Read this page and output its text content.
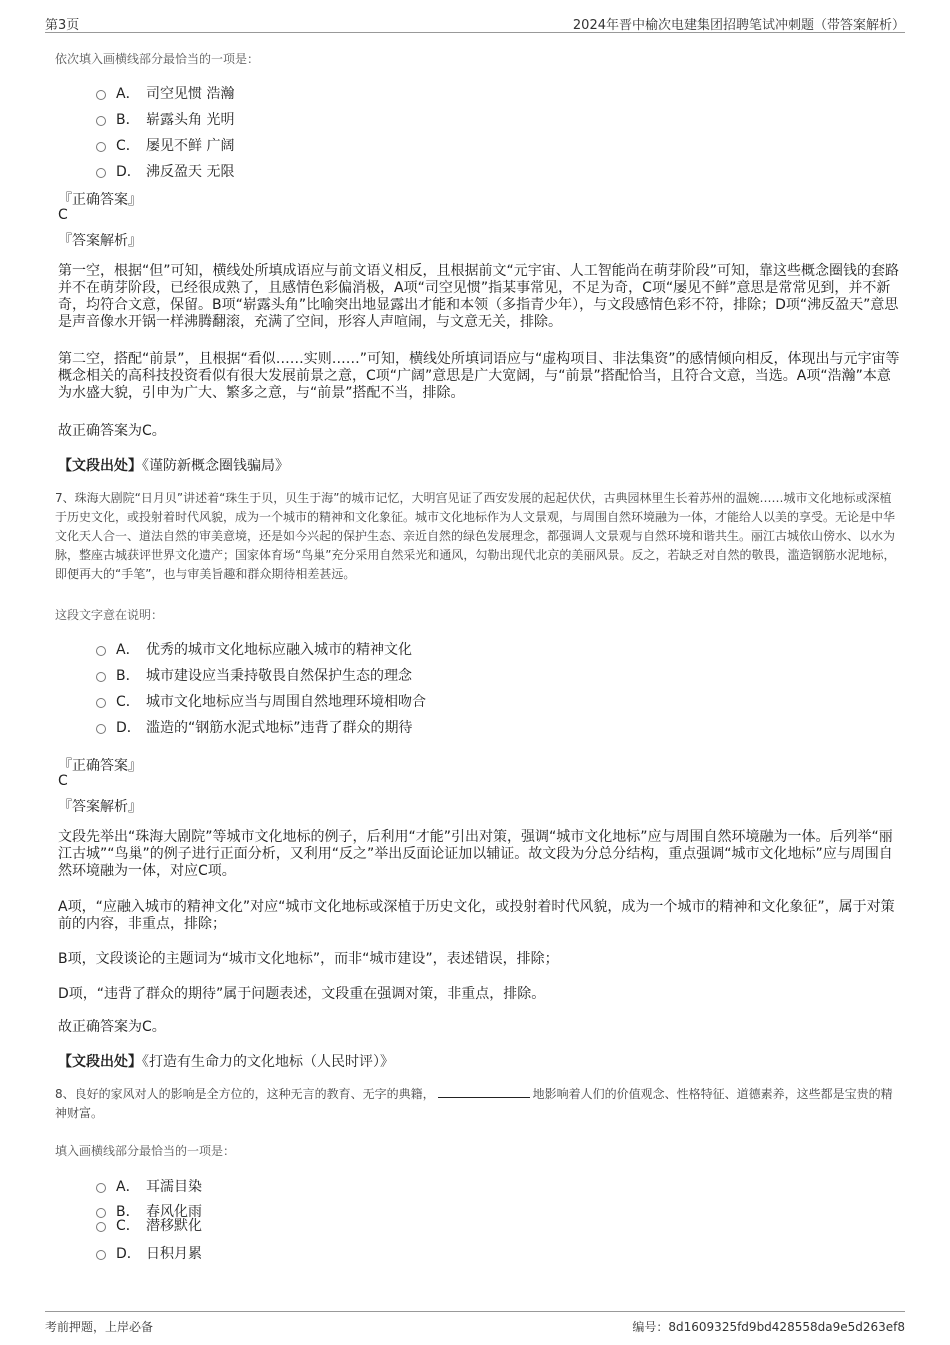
第3页	2024年晋中榆次电建集团招聘笔试冲刺题（带答案解析）
依次填入画横线部分最恰当的一项是：
A． 司空见惯 浩瀚
B． 崭露头角 光明
C． 屡见不鲜 广阔
D． 沸反盈天 无限
『正确答案』
C
『答案解析』
第一空，根据“但”可知，横线处所填成语应与前文语义相反，且根据前文“元宇宙、人工智能尚在萌芽阶段”可知，靠这些概念圈钱的套路并不在萌芽阶段，已经很成熟了，且感情色彩偏消极，A项“司空见惯”指某事常见，不足为奇，C项“屡见不鲜”意思是常常见到，并不新奇，均符合文意，保留。B项“崭露头角”比喻突出地显露出才能和本领（多指青少年），与文段感情色彩不符，排除；D项“沸反盈天”意思是声音像水开锅一样沸腾翻滚，充满了空间，形容人声喧闹，与文意无关，排除。
第二空，搭配“前景”，且根据“看似……实则……”可知，横线处所填词语应与“虚构项目、非法集资”的感情倾向相反，体现出与元宇宙等概念相关的高科技投资看似有很大发展前景之意，C项“广阔”意思是广大宽阔，与“前景”搭配恰当，且符合文意，当选。A项“浩瀚”本意为水盛大貌，引申为广大、繁多之意，与“前景”搭配不当，排除。
故正确答案为C。
【文段出处】《谨防新概念圈钱骗局》
7、珠海大剧院“日月贝”讲述着“珠生于贝，贝生于海”的城市记忆，大明宫见证了西安发展的起起伏伏，古典园林里生长着苏州的温婉……城市文化地标或深植于历史文化，或投射着时代风貌，成为一个城市的精神和文化象征。城市文化地标作为人文景观，与周围自然环境融为一体，才能给人以美的享受。无论是中华文化天人合一、道法自然的审美意境，还是如今兴起的保护生态、亲近自然的绿色发展理念，都强调人文景观与自然环境和谐共生。丽江古城依山傍水、以水为脉，整座古城获评世界文化遗产；国家体育场“鸟巢”充分采用自然采光和通风，勾勒出现代北京的美丽风景。反之，若缺乏对自然的敬畏，滥造钢筋水泥地标，即便再大的“手笔”，也与审美旨趣和群众期待相差甚远。
这段文字意在说明：
A． 优秀的城市文化地标应融入城市的精神文化
B． 城市建设应当秉持敬畏自然保护生态的理念
C． 城市文化地标应当与周围自然地理环境相吻合
D． 滥造的“钢筋水泥式地标”违背了群众的期待
『正确答案』
C
『答案解析』
文段先举出“珠海大剧院”等城市文化地标的例子，后利用“才能”引出对策，强调“城市文化地标”应与周围自然环境融为一体。后列举“丽江古城”“鸟巢”的例子进行正面分析，又利用“反之”举出反面论证加以辅证。故文段为分总分结构，重点强调“城市文化地标”应与周围自然环境融为一体，对应C项。
A项，“应融入城市的精神文化”对应“城市文化地标或深植于历史文化，或投射着时代风貌，成为一个城市的精神和文化象征”，属于对策前的内容，非重点，排除；
B项，文段谈论的主题词为“城市文化地标”，而非“城市建设”，表述错误，排除；
D项，“违背了群众的期待”属于问题表述，文段重在强调对策，非重点，排除。
故正确答案为C。
【文段出处】《打造有生命力的文化地标（人民时评）》
8、良好的家风对人的影响是全方位的，这种无言的教育、无字的典籍，	地影响着人们的价值观念、性格特征、道德素养，这些都是宝贵的精神财富。
填入画横线部分最恰当的一项是：
A． 耳濡目染
B． 春风化雨
C． 潜移默化
D． 日积月累
考前押题，上岸必备	编号：8d1609325fd9bd428558da9e5d263ef8
